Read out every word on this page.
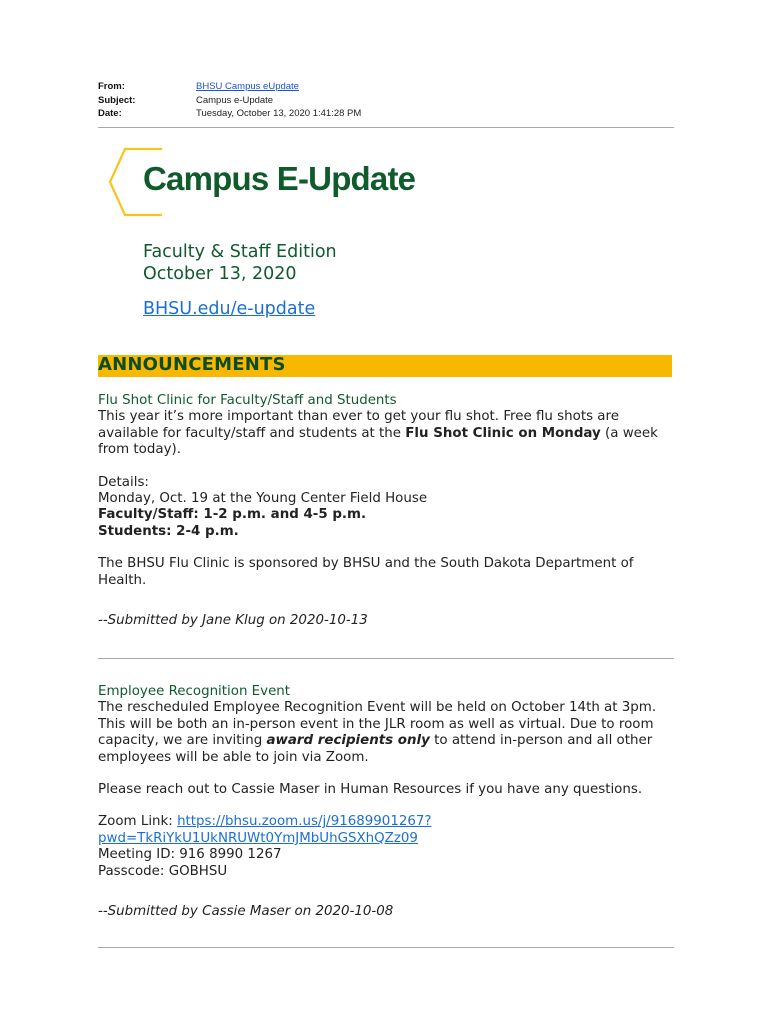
From:	BHSU Campus eUpdate
Subject:	Campus e-Update
Date:	Tuesday, October 13, 2020 1:41:28 PM
Campus E-Update
Faculty & Staff Edition
October 13, 2020
BHSU.edu/e-update
ANNOUNCEMENTS

Flu Shot Clinic for Faculty/Staff and Students

This year it’s more important than ever to get your flu shot. Free flu shots are available for faculty/staff and students at the Flu Shot Clinic on Monday (a week from today).

Details:

Monday, Oct. 19 at the Young Center Field House

Faculty/Staff: 1-2 p.m. and 4-5 p.m.

Students: 2-4 p.m.

The BHSU Flu Clinic is sponsored by BHSU and the South Dakota Department of Health.

--Submitted by Jane Klug on 2020-10-13

Employee Recognition Event

The rescheduled Employee Recognition Event will be held on October 14th at 3pm. This will be both an in-person event in the JLR room as well as virtual. Due to room capacity, we are inviting award recipients only to attend in-person and all other employees will be able to join via Zoom.

Please reach out to Cassie Maser in Human Resources if you have any questions.

Zoom Link: https://bhsu.zoom.us/j/91689901267?
pwd=TkRiYkU1UkNRUWt0YmJMbUhGSXhQZz09

Meeting ID: 916 8990 1267

Passcode: GOBHSU

--Submitted by Cassie Maser on 2020-10-08
